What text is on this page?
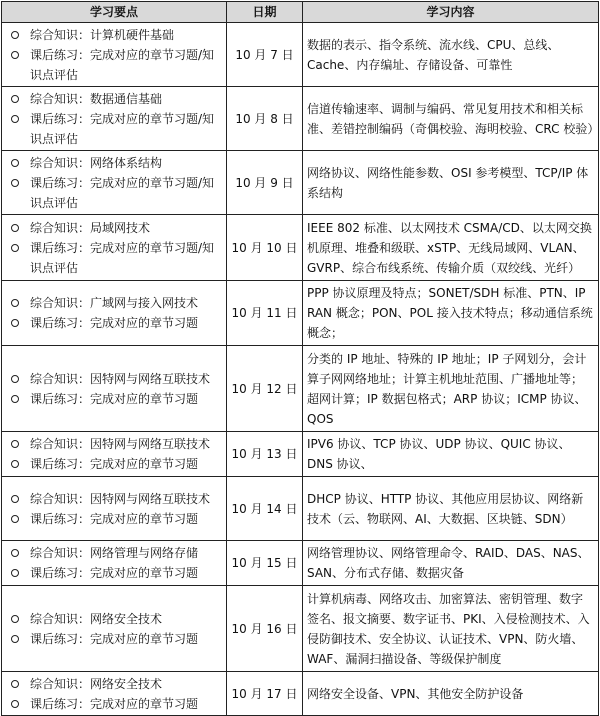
学习要点	日期	学习内容

综合知识：计算机硬件基础
课后练习：完成对应的章节习题/知识点评估	10 月 7 日	数据的表示、指令系统、流水线、CPU、总线、Cache、内存编址、存储设备、可靠性

综合知识：数据通信基础
课后练习：完成对应的章节习题/知识点评估	10 月 8 日	信道传输速率、调制与编码、常见复用技术和相关标准、差错控制编码（奇偶校验、海明校验、CRC 校验）

综合知识：网络体系结构
课后练习：完成对应的章节习题/知识点评估	10 月 9 日	网络协议、网络性能参数、OSI 参考模型、TCP/IP 体系结构

综合知识：局域网技术
课后练习：完成对应的章节习题/知识点评估	10 月 10 日	IEEE 802 标准、以太网技术 CSMA/CD、以太网交换机原理、堆叠和级联、xSTP、无线局域网、VLAN、GVRP、综合布线系统、传输介质（双绞线、光纤）

综合知识：广域网与接入网技术
课后练习：完成对应的章节习题	10 月 11 日	PPP 协议原理及特点；SONET/SDH 标准、PTN、IP RAN 概念；PON、POL 接入技术特点；移动通信系统概念；

综合知识：因特网与网络互联技术
课后练习：完成对应的章节习题	10 月 12 日	分类的 IP 地址、特殊的 IP 地址；IP 子网划分，会计算子网网络地址；计算主机地址范围、广播地址等；超网计算；IP 数据包格式；ARP 协议；ICMP 协议、QOS

综合知识：因特网与网络互联技术
课后练习：完成对应的章节习题	10 月 13 日	IPV6 协议、TCP 协议、UDP 协议、QUIC 协议、DNS 协议、

综合知识：因特网与网络互联技术
课后练习：完成对应的章节习题	10 月 14 日	DHCP 协议、HTTP 协议、其他应用层协议、网络新技术（云、物联网、AI、大数据、区块链、SDN）

综合知识：网络管理与网络存储
课后练习：完成对应的章节习题	10 月 15 日	网络管理协议、网络管理命令、RAID、DAS、NAS、SAN、分布式存储、数据灾备

综合知识：网络安全技术
课后练习：完成对应的章节习题	10 月 16 日	计算机病毒、网络攻击、加密算法、密钥管理、数字签名、报文摘要、数字证书、PKI、入侵检测技术、入侵防御技术、安全协议、认证技术、VPN、防火墙、WAF、漏洞扫描设备、等级保护制度

综合知识：网络安全技术
课后练习：完成对应的章节习题	10 月 17 日	网络安全设备、VPN、其他安全防护设备
